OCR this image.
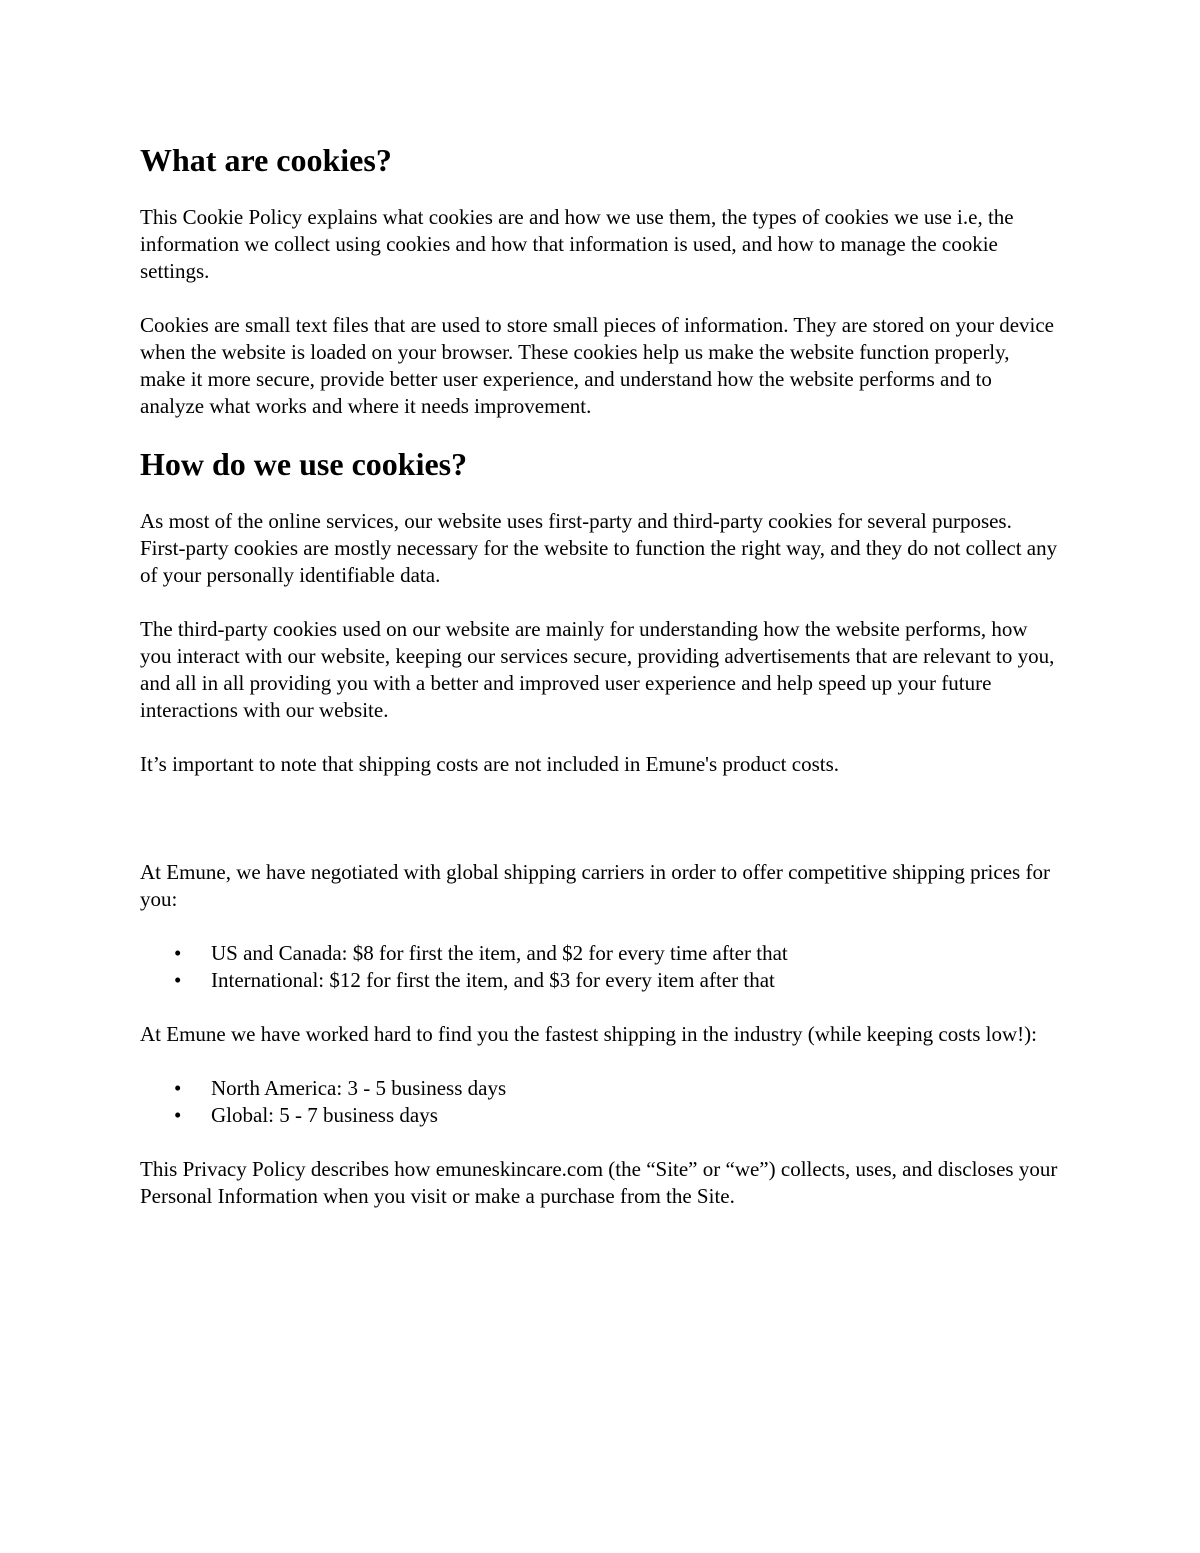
What are cookies?

This Cookie Policy explains what cookies are and how we use them, the types of cookies we use i.e, the information we collect using cookies and how that information is used, and how to manage the cookie settings.

Cookies are small text files that are used to store small pieces of information. They are stored on your device when the website is loaded on your browser. These cookies help us make the website function properly, make it more secure, provide better user experience, and understand how the website performs and to analyze what works and where it needs improvement.

How do we use cookies?

As most of the online services, our website uses first-party and third-party cookies for several purposes. First-party cookies are mostly necessary for the website to function the right way, and they do not collect any of your personally identifiable data.

The third-party cookies used on our website are mainly for understanding how the website performs, how you interact with our website, keeping our services secure, providing advertisements that are relevant to you, and all in all providing you with a better and improved user experience and help speed up your future interactions with our website.

It’s important to note that shipping costs are not included in Emune's product costs.

At Emune, we have negotiated with global shipping carriers in order to offer competitive shipping prices for you:

• US and Canada: $8 for first the item, and $2 for every time after that
• International: $12 for first the item, and $3 for every item after that

At Emune we have worked hard to find you the fastest shipping in the industry (while keeping costs low!):

• North America: 3 - 5 business days
• Global: 5 - 7 business days

This Privacy Policy describes how emuneskincare.com (the “Site” or “we”) collects, uses, and discloses your Personal Information when you visit or make a purchase from the Site.
